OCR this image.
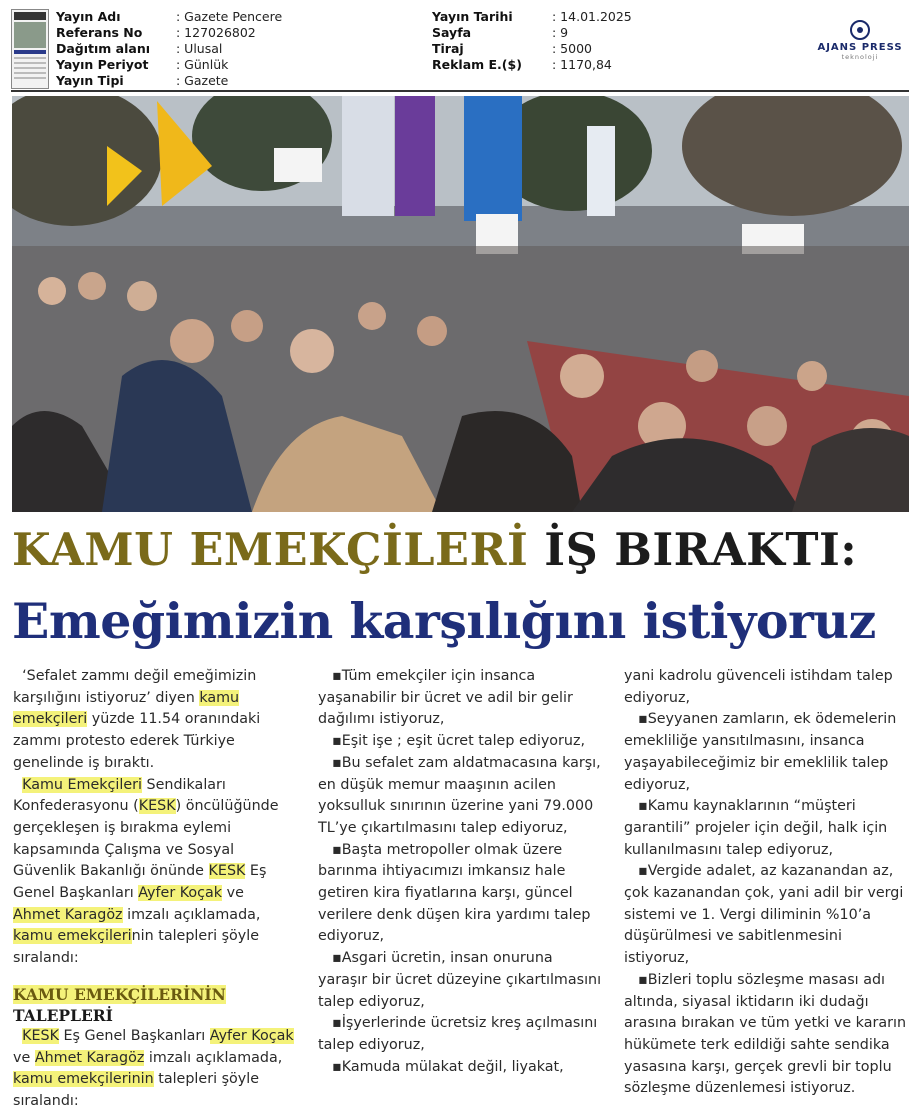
Yayın Adı	: Gazete Pencere
Referans No	: 127026802
Dağıtım alanı	: Ulusal
Yayın Periyot	: Günlük
Yayın Tipi	: Gazete
Yayın Tarihi	: 14.01.2025
Sayfa	: 9
Tiraj	: 5000
Reklam E.($)	: 1170,84
AJANS PRESS
teknoloji
KAMU EMEKÇİLERİ İŞ BIRAKTI:
Emeğimizin karşılığını istiyoruz

‘Sefalet zammı değil emeğimizin karşılığını istiyoruz’ diyen kamu emekçileri yüzde 11.54 oranındaki zammı protesto ederek Türkiye genelinde iş bıraktı.

Kamu Emekçileri Sendikaları Konfederasyonu (KESK) öncülüğünde gerçekleşen iş bırakma eylemi kapsamında Çalışma ve Sosyal Güvenlik Bakanlığı önünde KESK Eş Genel Başkanları Ayfer Koçak ve Ahmet Karagöz imzalı açıklamada, kamu emekçilerinin talepleri şöyle sıralandı:

KAMU EMEKÇİLERİNİN
TALEPLERİ

KESK Eş Genel Başkanları Ayfer Koçak ve Ahmet Karagöz imzalı açıklamada, kamu emekçilerinin talepleri şöyle sıralandı:

▪Tüm emekçiler için insanca yaşanabilir bir ücret ve adil bir gelir dağılımı istiyoruz,

▪Eşit işe ; eşit ücret talep ediyoruz,

▪Bu sefalet zam aldatmacasına karşı, en düşük memur maaşının acilen yoksulluk sınırının üzerine yani 79.000 TL’ye çıkartılmasını talep ediyoruz,

▪Başta metropoller olmak üzere barınma ihtiyacımızı imkansız hale getiren kira fiyatlarına karşı, güncel verilere denk düşen kira yardımı talep ediyoruz,

▪Asgari ücretin, insan onuruna yaraşır bir ücret düzeyine çıkartılmasını talep ediyoruz,

▪İşyerlerinde ücretsiz kreş açılmasını talep ediyoruz,

▪Kamuda mülakat değil, liyakat,

yani kadrolu güvenceli istihdam talep ediyoruz,

▪Seyyanen zamların, ek ödemelerin emekliliğe yansıtılmasını, insanca yaşayabileceğimiz bir emeklilik talep ediyoruz,

▪Kamu kaynaklarının “müşteri garantili” projeler için değil, halk için kullanılmasını talep ediyoruz,

▪Vergide adalet, az kazanandan az, çok kazanandan çok, yani adil bir vergi sistemi ve 1. Vergi diliminin %10’a düşürülmesi ve sabitlenmesini istiyoruz,

▪Bizleri toplu sözleşme masası adı altında, siyasal iktidarın iki dudağı arasına bırakan ve tüm yetki ve kararın hükümete terk edildiği sahte sendika yasasına karşı, gerçek grevli bir toplu sözleşme düzenlemesi istiyoruz.
